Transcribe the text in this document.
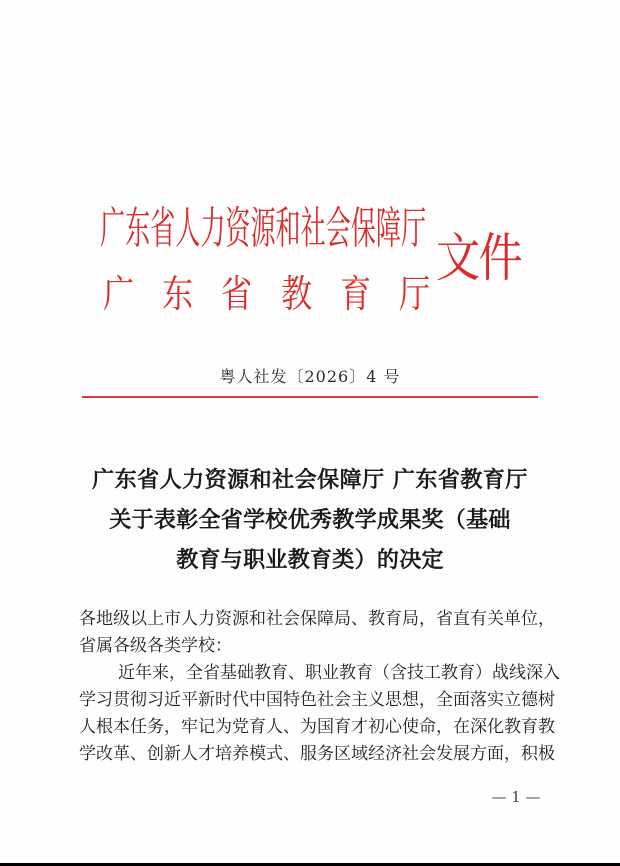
广东省人力资源和社会保障厅
广 东 省 教 育 厅
文件
粤人社发〔2026〕4 号
广东省人力资源和社会保障厅 广东省教育厅
关于表彰全省学校优秀教学成果奖（基础
教育与职业教育类）的决定
各地级以上市人力资源和社会保障局、教育局，省直有关单位，
省属各级各类学校：
近年来，全省基础教育、职业教育（含技工教育）战线深入
学习贯彻习近平新时代中国特色社会主义思想，全面落实立德树
人根本任务，牢记为党育人、为国育才初心使命，在深化教育教
学改革、创新人才培养模式、服务区域经济社会发展方面，积极
— 1 —
